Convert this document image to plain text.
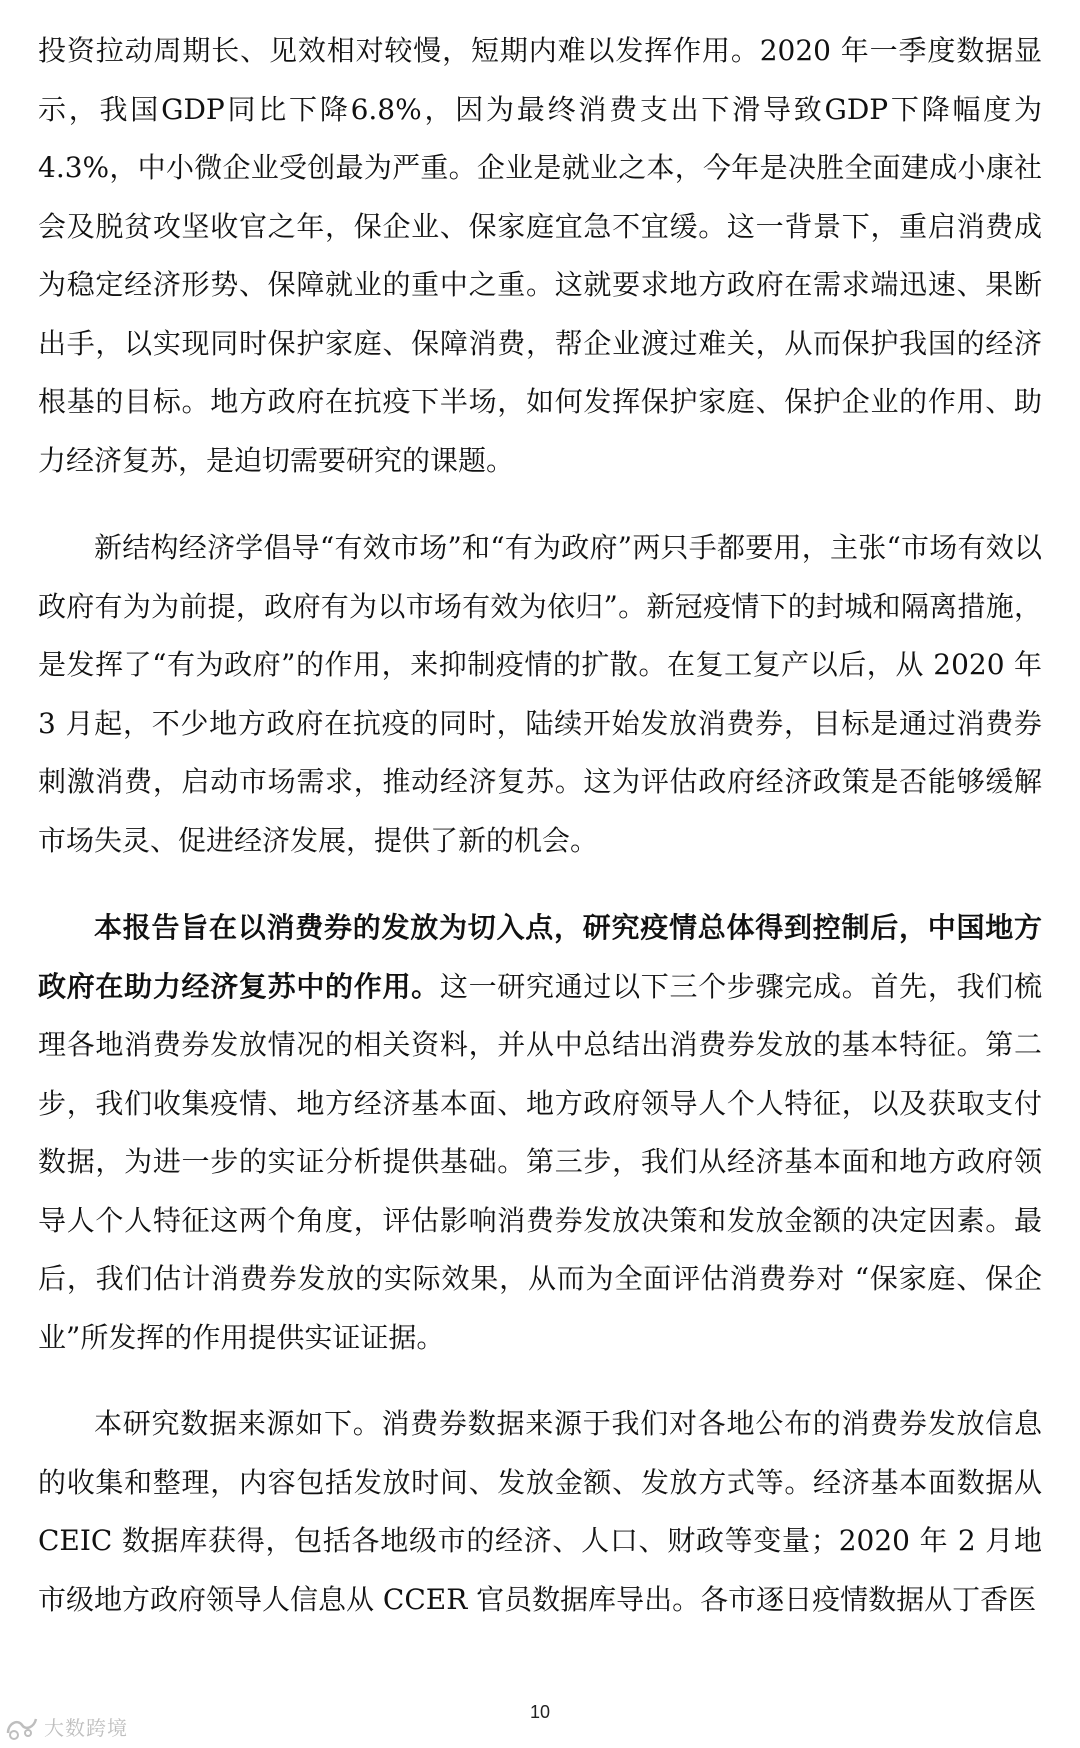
投资拉动周期长、见效相对较慢，短期内难以发挥作用。2020 年一季度数据显示，我国GDP同比下降6.8%，因为最终消费支出下滑导致GDP下降幅度为4.3%，中小微企业受创最为严重。企业是就业之本，今年是决胜全面建成小康社会及脱贫攻坚收官之年，保企业、保家庭宜急不宜缓。这一背景下，重启消费成为稳定经济形势、保障就业的重中之重。这就要求地方政府在需求端迅速、果断出手，以实现同时保护家庭、保障消费，帮企业渡过难关，从而保护我国的经济根基的目标。地方政府在抗疫下半场，如何发挥保护家庭、保护企业的作用、助力经济复苏，是迫切需要研究的课题。

新结构经济学倡导“有效市场”和“有为政府”两只手都要用，主张“市场有效以政府有为为前提，政府有为以市场有效为依归”。新冠疫情下的封城和隔离措施，是发挥了“有为政府”的作用，来抑制疫情的扩散。在复工复产以后，从 2020 年 3 月起，不少地方政府在抗疫的同时，陆续开始发放消费券，目标是通过消费券刺激消费，启动市场需求，推动经济复苏。这为评估政府经济政策是否能够缓解市场失灵、促进经济发展，提供了新的机会。

本报告旨在以消费券的发放为切入点，研究疫情总体得到控制后，中国地方政府在助力经济复苏中的作用。这一研究通过以下三个步骤完成。首先，我们梳理各地消费券发放情况的相关资料，并从中总结出消费券发放的基本特征。第二步，我们收集疫情、地方经济基本面、地方政府领导人个人特征，以及获取支付数据，为进一步的实证分析提供基础。第三步，我们从经济基本面和地方政府领导人个人特征这两个角度，评估影响消费券发放决策和发放金额的决定因素。最后，我们估计消费券发放的实际效果，从而为全面评估消费券对 “保家庭、保企业”所发挥的作用提供实证证据。

本研究数据来源如下。消费券数据来源于我们对各地公布的消费券发放信息的收集和整理，内容包括发放时间、发放金额、发放方式等。经济基本面数据从 CEIC 数据库获得，包括各地级市的经济、人口、财政等变量；2020 年 2 月地市级地方政府领导人信息从 CCER 官员数据库导出。各市逐日疫情数据从丁香医

10
大数跨境
